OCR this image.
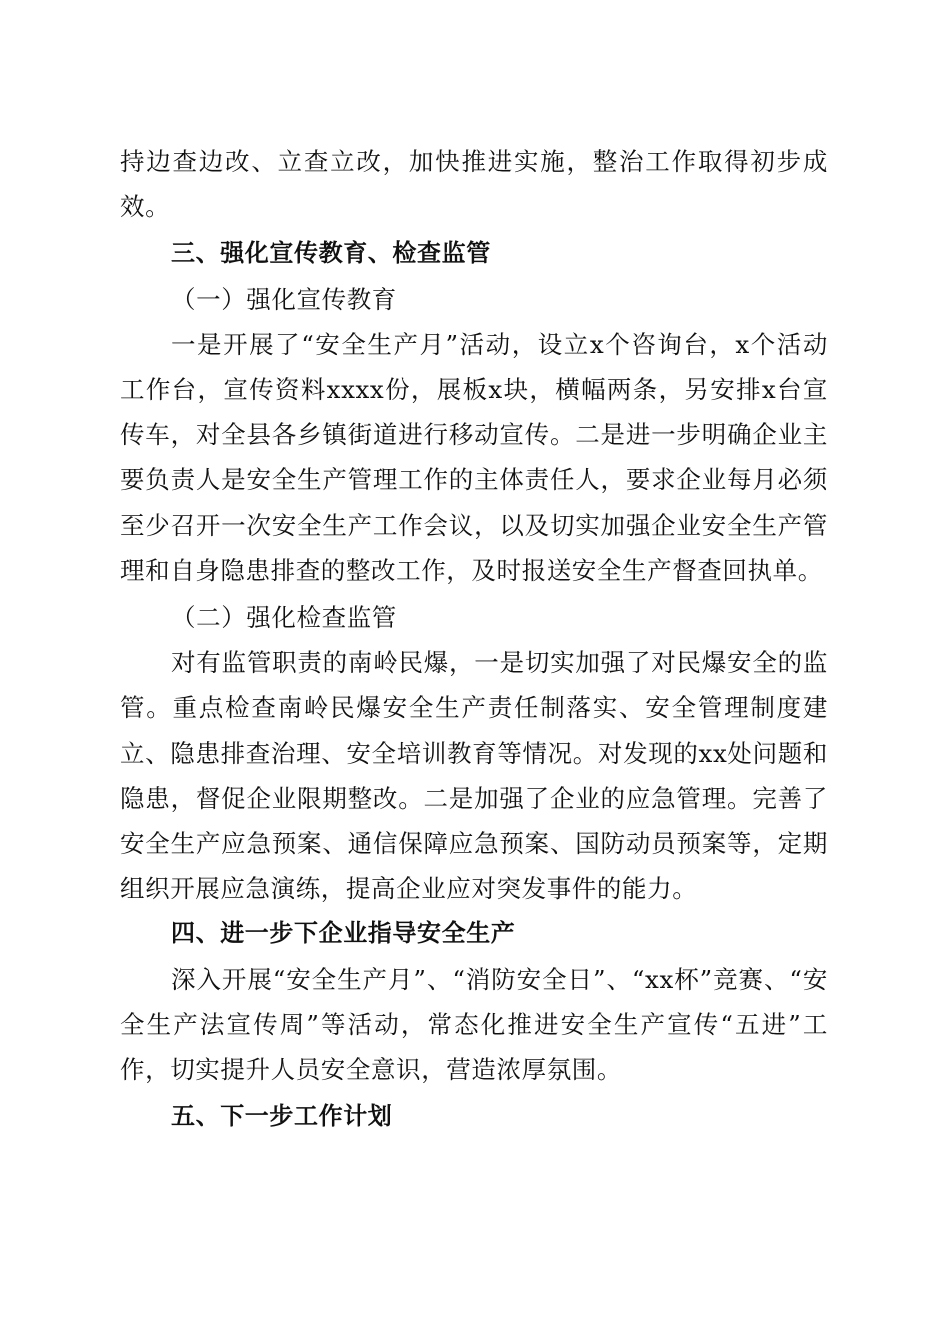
持边查边改、立查立改，加快推进实施，整治工作取得初步成效。

三、强化宣传教育、检查监管

（一）强化宣传教育

一是开展了“安全生产月”活动，设立x个咨询台，x个活动工作台，宣传资料xxxx份，展板x块，横幅两条，另安排x台宣传车，对全县各乡镇街道进行移动宣传。二是进一步明确企业主要负责人是安全生产管理工作的主体责任人，要求企业每月必须至少召开一次安全生产工作会议，以及切实加强企业安全生产管理和自身隐患排查的整改工作，及时报送安全生产督查回执单。

（二）强化检查监管

对有监管职责的南岭民爆，一是切实加强了对民爆安全的监管。重点检查南岭民爆安全生产责任制落实、安全管理制度建立、隐患排查治理、安全培训教育等情况。对发现的xx处问题和隐患，督促企业限期整改。二是加强了企业的应急管理。完善了安全生产应急预案、通信保障应急预案、国防动员预案等，定期组织开展应急演练，提高企业应对突发事件的能力。

四、进一步下企业指导安全生产

深入开展“安全生产月”、“消防安全日”、“xx杯”竞赛、“安全生产法宣传周”等活动，常态化推进安全生产宣传“五进”工作，切实提升人员安全意识，营造浓厚氛围。

五、下一步工作计划
